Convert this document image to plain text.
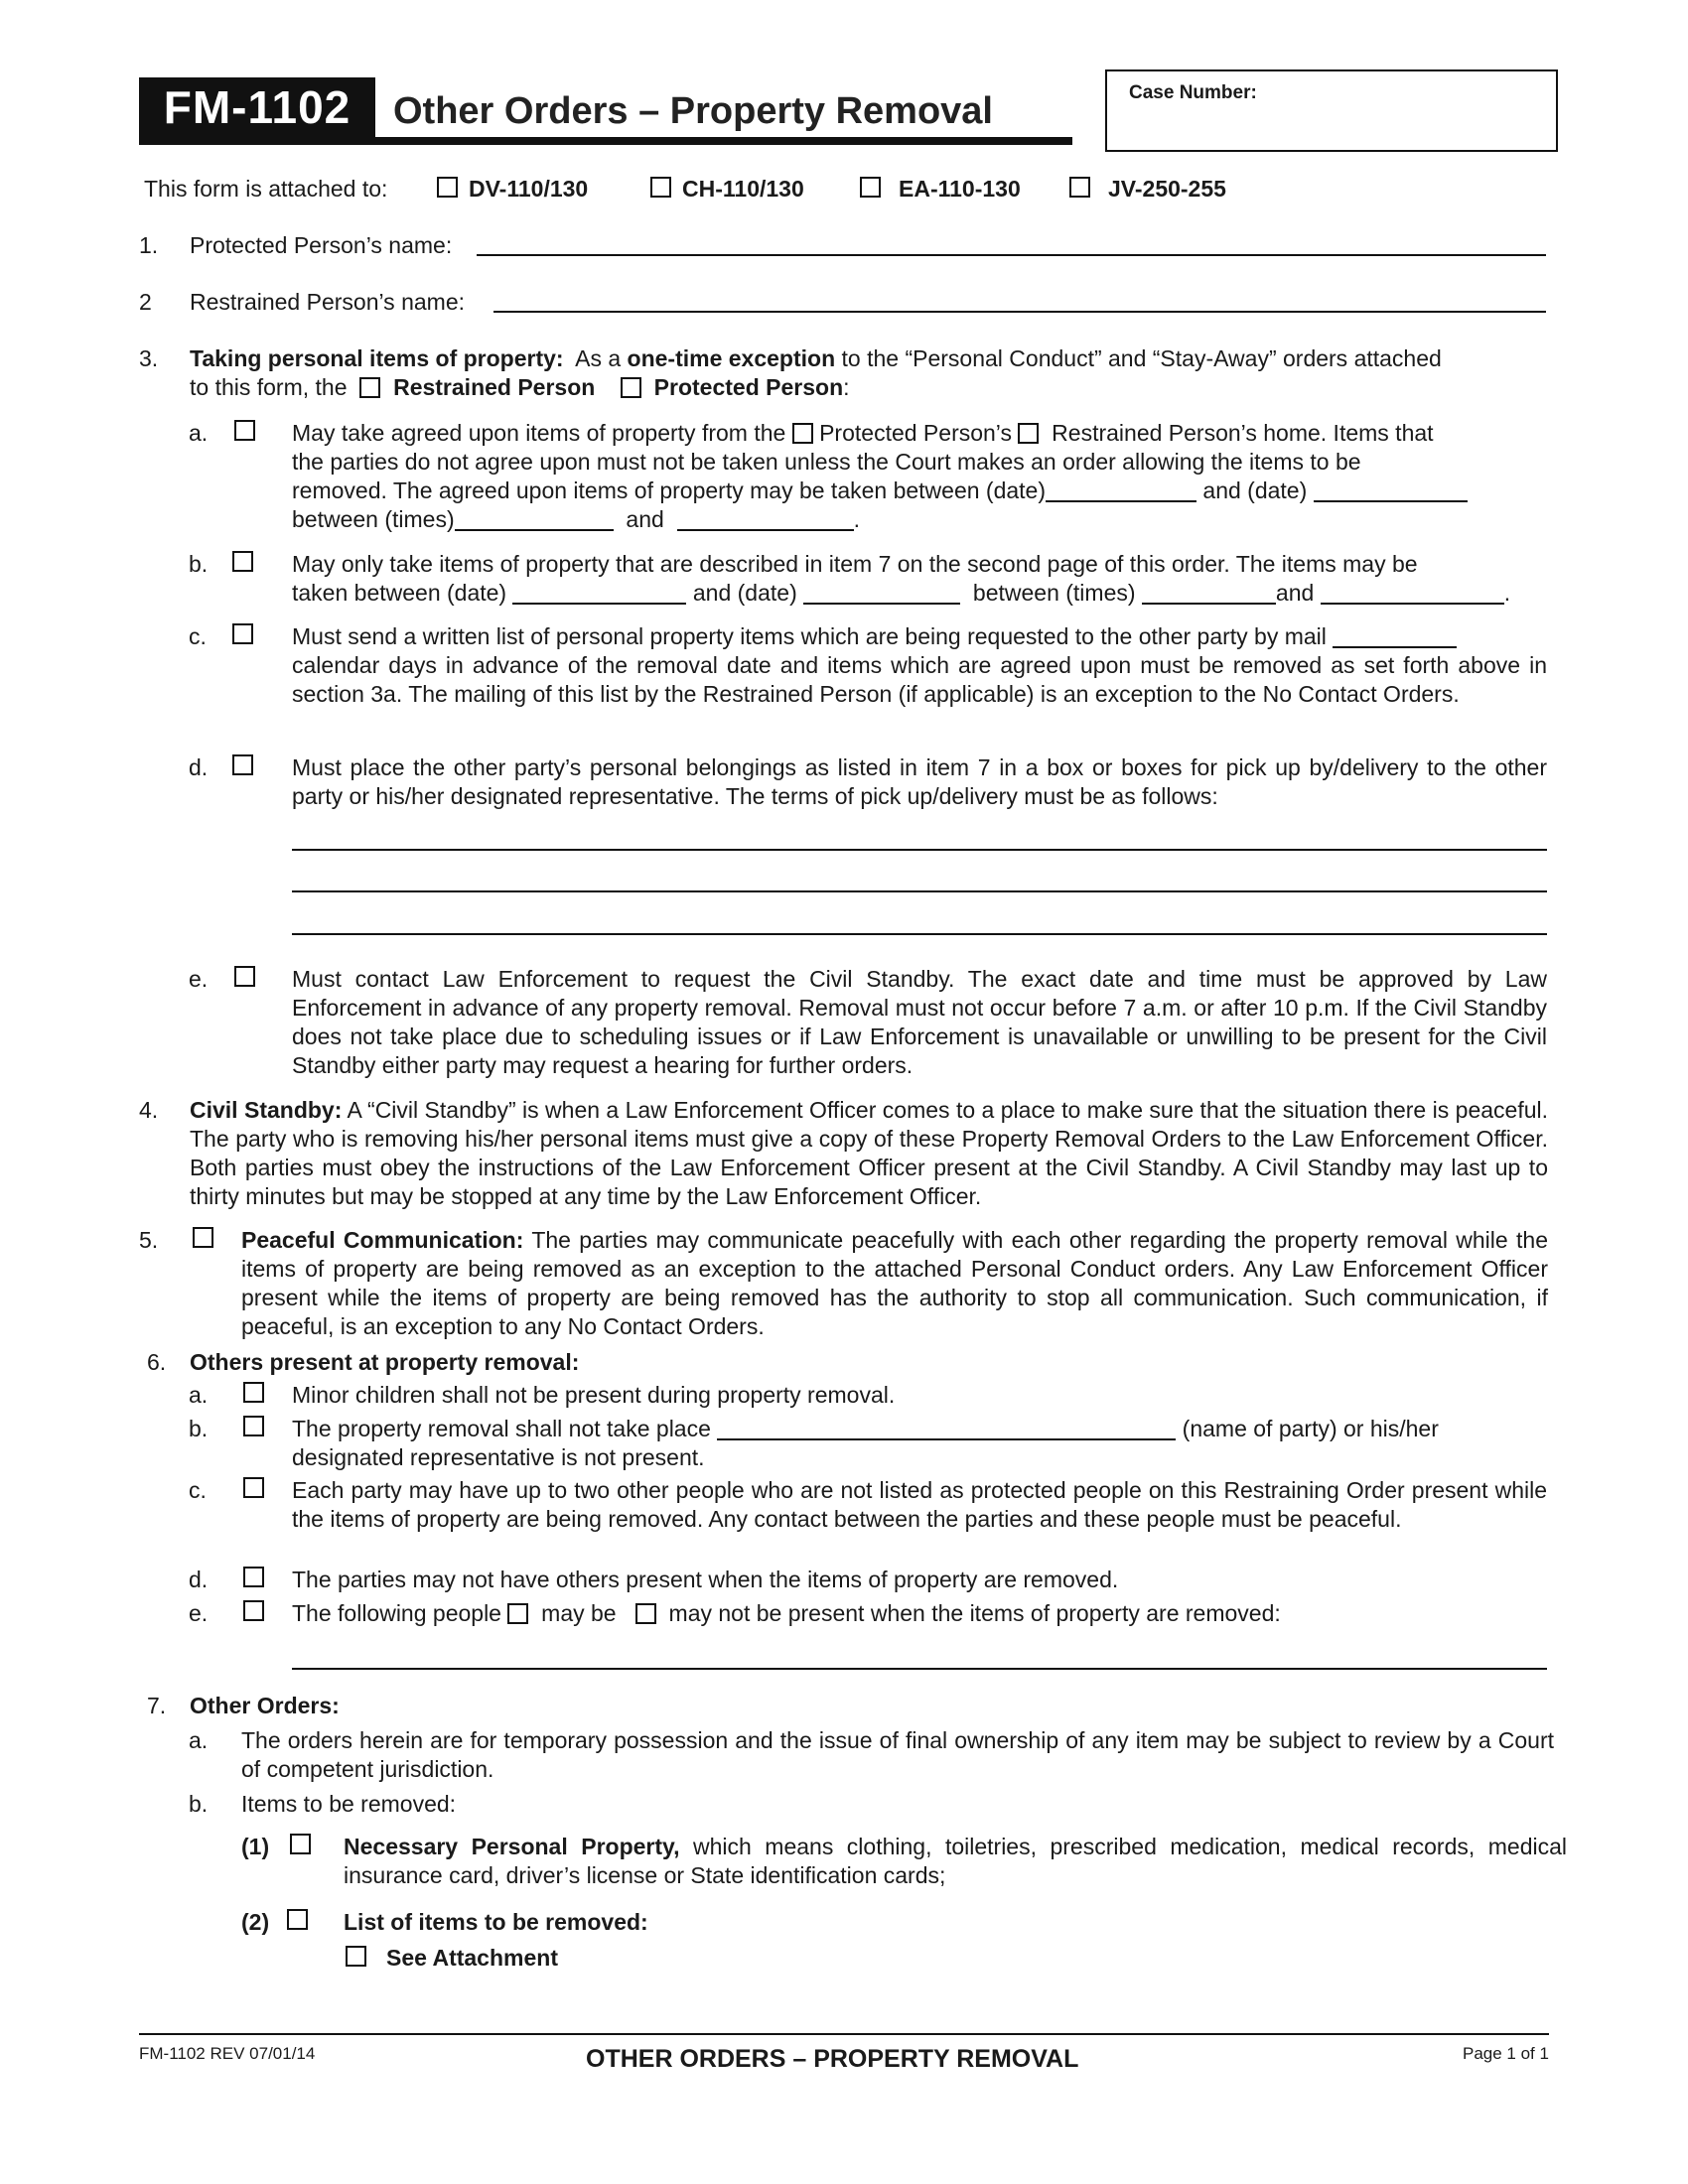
FM-1102	Other Orders – Property Removal	Case Number:
This form is attached to:	DV-110/130	CH-110/130	EA-110-130	JV-250-255
1. Protected Person’s name:
2 Restrained Person’s name:
3. Taking personal items of property: As a one-time exception to the “Personal Conduct” and “Stay-Away” orders attached
to this form, the Restrained Person	Protected Person:
a.	May take agreed upon items of property from the Protected Person’s Restrained Person’s home. Items that
the parties do not agree upon must not be taken unless the Court makes an order allowing the items to be
removed. The agreed upon items of property may be taken between (date)	and (date)
between (times)	and	.
b.	May only take items of property that are described in item 7 on the second page of this order. The items may be
taken between (date)	and (date)	between (times)	and	.
c.	Must send a written list of personal property items which are being requested to the other party by mail
calendar days in advance of the removal date and items which are agreed upon must be removed as set forth above in section 3a. The mailing of this list by the Restrained Person (if applicable) is an exception to the No Contact Orders.
d.	Must place the other party’s personal belongings as listed in item 7 in a box or boxes for pick up by/delivery to the other party or his/her designated representative. The terms of pick up/delivery must be as follows:
e.	Must contact Law Enforcement to request the Civil Standby. The exact date and time must be approved by Law Enforcement in advance of any property removal. Removal must not occur before 7 a.m. or after 10 p.m. If the Civil Standby does not take place due to scheduling issues or if Law Enforcement is unavailable or unwilling to be present for the Civil Standby either party may request a hearing for further orders.
4. Civil Standby: A “Civil Standby” is when a Law Enforcement Officer comes to a place to make sure that the situation there is peaceful. The party who is removing his/her personal items must give a copy of these Property Removal Orders to the Law Enforcement Officer. Both parties must obey the instructions of the Law Enforcement Officer present at the Civil Standby. A Civil Standby may last up to thirty minutes but may be stopped at any time by the Law Enforcement Officer.
5.	Peaceful Communication: The parties may communicate peacefully with each other regarding the property removal while the items of property are being removed as an exception to the attached Personal Conduct orders. Any Law Enforcement Officer present while the items of property are being removed has the authority to stop all communication. Such communication, if peaceful, is an exception to any No Contact Orders.
6. Others present at property removal:
a.	Minor children shall not be present during property removal.
b.	The property removal shall not take place	(name of party) or his/her
designated representative is not present.
c.	Each party may have up to two other people who are not listed as protected people on this Restraining Order present while the items of property are being removed. Any contact between the parties and these people must be peaceful.
d.	The parties may not have others present when the items of property are removed.
e.	The following people may be may not be present when the items of property are removed:
7. Other Orders:
a. The orders herein are for temporary possession and the issue of final ownership of any item may be subject to review by a Court of competent jurisdiction.
b. Items to be removed:
(1)	Necessary Personal Property, which means clothing, toiletries, prescribed medication, medical records, medical insurance card, driver’s license or State identification cards;
(2)	List of items to be removed:
See Attachment
FM-1102 REV 07/01/14	OTHER ORDERS – PROPERTY REMOVAL	Page 1 of 1
